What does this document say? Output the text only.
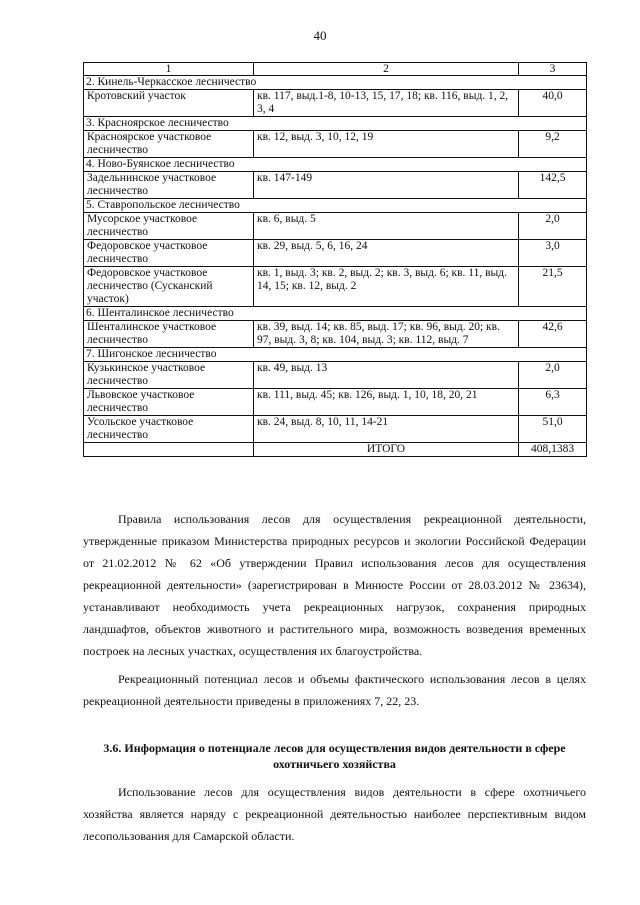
40
1	2	3
2. Кинель-Черкасское лесничество		
Кротовский участок	кв. 117, выд.1-8, 10-13, 15, 17, 18; кв. 116, выд. 1, 2, 3, 4	40,0
3. Красноярское лесничество		
Красноярское участковое лесничество	кв. 12, выд. 3, 10, 12, 19	9,2
4. Ново-Буянское лесничество		
Задельнинское участковое лесничество	кв. 147-149	142,5
5. Ставропольское лесничество		
Мусорское участковое лесничество	кв. 6, выд. 5	2,0
Федоровское участковое лесничество	кв. 29, выд. 5, 6, 16, 24	3,0
Федоровское участковое лесничество (Сусканский участок)	кв. 1, выд. 3; кв. 2, выд. 2; кв. 3, выд. 6; кв. 11, выд. 14, 15; кв. 12, выд. 2	21,5
6. Шенталинское лесничество		
Шенталинское участковое лесничество	кв. 39, выд. 14; кв. 85, выд. 17; кв. 96, выд. 20; кв. 97, выд. 3, 8; кв. 104, выд. 3; кв. 112, выд. 7	42,6
7. Шигонское лесничество		
Кузькинское участковое лесничество	кв. 49, выд. 13	2,0
Львовское участковое лесничество	кв. 111, выд. 45; кв. 126, выд. 1, 10, 18, 20, 21	6,3
Усольское участковое лесничество	кв. 24, выд. 8, 10, 11, 14-21	51,0
	ИТОГО	408,1383

Правила использования лесов для осуществления рекреационной деятельности, утвержденные приказом Министерства природных ресурсов и экологии Российской Федерации от 21.02.2012 № 62 «Об утверждении Правил использования лесов для осуществления рекреационной деятельности» (зарегистрирован в Минюсте России от 28.03.2012 № 23634), устанавливают необходимость учета рекреационных нагрузок, сохранения природных ландшафтов, объектов животного и растительного мира, возможность возведения временных построек на лесных участках, осуществления их благоустройства.

Рекреационный потенциал лесов и объемы фактического использования лесов в целях рекреационной деятельности приведены в приложениях 7, 22, 23.

3.6. Информация о потенциале лесов для осуществления видов деятельности в сфере охотничьего хозяйства

Использование лесов для осуществления видов деятельности в сфере охотничьего хозяйства является наряду с рекреационной деятельностью наиболее перспективным видом лесопользования для Самарской области.
